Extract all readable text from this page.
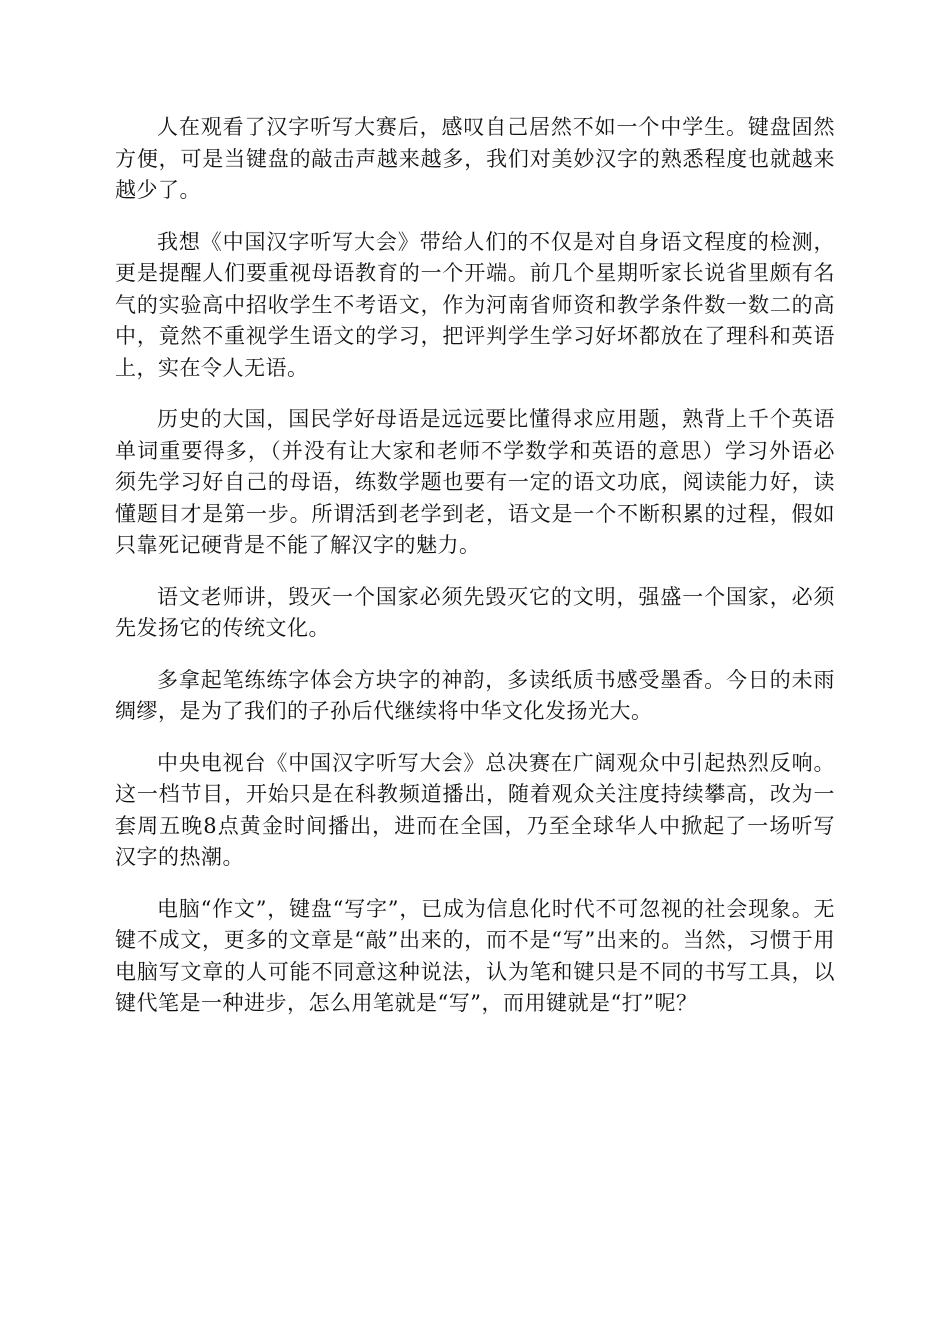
人在观看了汉字听写大赛后，感叹自己居然不如一个中学生。键盘固然方便，可是当键盘的敲击声越来越多，我们对美妙汉字的熟悉程度也就越来越少了。

我想《中国汉字听写大会》带给人们的不仅是对自身语文程度的检测，更是提醒人们要重视母语教育的一个开端。前几个星期听家长说省里颇有名气的实验高中招收学生不考语文，作为河南省师资和教学条件数一数二的高中，竟然不重视学生语文的学习，把评判学生学习好坏都放在了理科和英语上，实在令人无语。

历史的大国，国民学好母语是远远要比懂得求应用题，熟背上千个英语单词重要得多，（并没有让大家和老师不学数学和英语的意思）学习外语必须先学习好自己的母语，练数学题也要有一定的语文功底，阅读能力好，读懂题目才是第一步。所谓活到老学到老，语文是一个不断积累的过程，假如只靠死记硬背是不能了解汉字的魅力。

语文老师讲，毁灭一个国家必须先毁灭它的文明，强盛一个国家，必须先发扬它的传统文化。

多拿起笔练练字体会方块字的神韵，多读纸质书感受墨香。今日的未雨绸缪，是为了我们的子孙后代继续将中华文化发扬光大。

中央电视台《中国汉字听写大会》总决赛在广阔观众中引起热烈反响。这一档节目，开始只是在科教频道播出，随着观众关注度持续攀高，改为一套周五晚8点黄金时间播出，进而在全国，乃至全球华人中掀起了一场听写汉字的热潮。

电脑“作文”，键盘“写字”，已成为信息化时代不可忽视的社会现象。无键不成文，更多的文章是“敲”出来的，而不是“写”出来的。当然，习惯于用电脑写文章的人可能不同意这种说法，认为笔和键只是不同的书写工具，以键代笔是一种进步，怎么用笔就是“写”，而用键就是“打”呢？
